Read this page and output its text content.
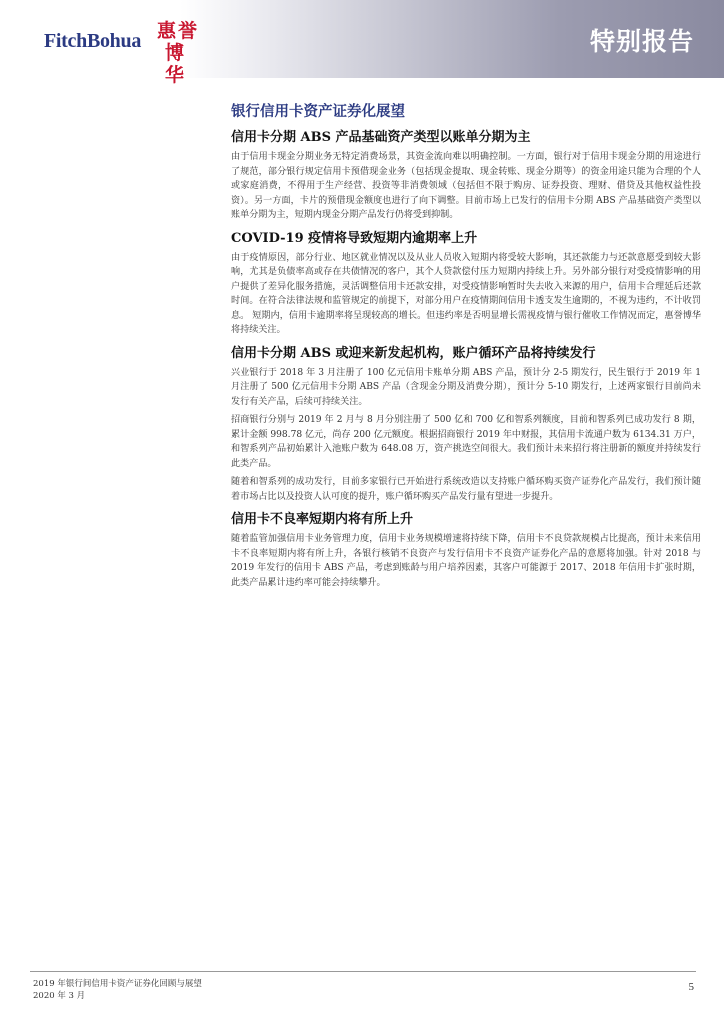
FitchBohua 惠誉
博华
特别报告
银行信用卡资产证券化展望
信用卡分期 ABS 产品基础资产类型以账单分期为主

由于信用卡现金分期业务无特定消费场景，其资金流向难以明确控制。一方面，银行对于信用卡现金分期的用途进行了规范，部分银行规定信用卡预借现金业务（包括现金提取、现金转账、现金分期等）的资金用途只能为合理的个人或家庭消费，不得用于生产经营、投资等非消费领域（包括但不限于购房、证券投资、理财、借贷及其他权益性投资）。另一方面，卡片的预借现金额度也进行了向下调整。目前市场上已发行的信用卡分期 ABS 产品基础资产类型以账单分期为主，短期内现金分期产品发行仍将受到抑制。

COVID-19 疫情将导致短期内逾期率上升

由于疫情原因，部分行业、地区就业情况以及从业人员收入短期内将受较大影响，其还款能力与还款意愿受到较大影响，尤其是负债率高或存在共债情况的客户，其个人贷款偿付压力短期内持续上升。另外部分银行对受疫情影响的用户提供了差异化服务措施，灵活调整信用卡还款安排，对受疫情影响暂时失去收入来源的用户，信用卡合理延后还款时间。在符合法律法规和监管规定的前提下，对部分用户在疫情期间信用卡透支发生逾期的，不视为违约，不计收罚息。 短期内，信用卡逾期率将呈现较高的增长。但违约率是否明显增长需视疫情与银行催收工作情况而定，惠誉博华将持续关注。

信用卡分期 ABS 或迎来新发起机构，账户循环产品将持续发行

兴业银行于 2018 年 3 月注册了 100 亿元信用卡账单分期 ABS 产品，预计分 2-5 期发行，民生银行于 2019 年 1 月注册了 500 亿元信用卡分期 ABS 产品（含现金分期及消费分期），预计分 5-10 期发行，上述两家银行目前尚未发行有关产品，后续可持续关注。

招商银行分别与 2019 年 2 月与 8 月分别注册了 500 亿和 700 亿和智系列额度，目前和智系列已成功发行 8 期，累计金额 998.78 亿元，尚存 200 亿元额度。根据招商银行 2019 年中财报，其信用卡流通户数为 6134.31 万户，和智系列产品初始累计入池账户数为 648.08 万，资产挑选空间很大。我们预计未来招行将注册新的额度并持续发行此类产品。

随着和智系列的成功发行，目前多家银行已开始进行系统改造以支持账户循环购买资产证券化产品发行，我们预计随着市场占比以及投资人认可度的提升，账户循环购买产品发行量有望进一步提升。

信用卡不良率短期内将有所上升

随着监管加强信用卡业务管理力度，信用卡业务规模增速将持续下降，信用卡不良贷款规模占比提高，预计未来信用卡不良率短期内将有所上升，各银行核销不良资产与发行信用卡不良资产证券化产品的意愿将加强。针对 2018 与 2019 年发行的信用卡 ABS 产品，考虑到账龄与用户培养因素，其客户可能源于 2017、2018 年信用卡扩张时期，此类产品累计违约率可能会持续攀升。

2019 年银行间信用卡资产证券化回顾与展望
2020 年 3 月
5
